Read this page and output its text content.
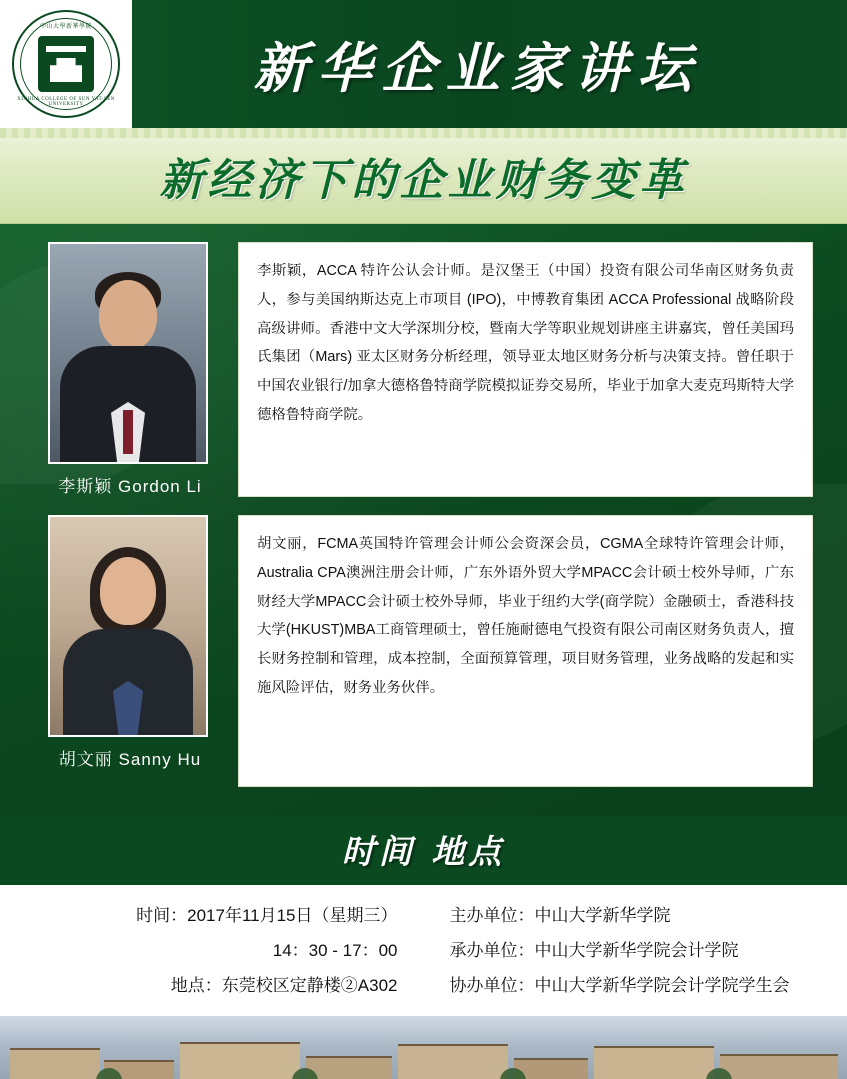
中山大學新華學院
XINHUA COLLEGE OF SUN YAT-SEN UNIVERSITY
新华企业家讲坛
新经济下的企业财务变革
李斯颖 Gordon Li
李斯颖，ACCA 特许公认会计师。是汉堡王（中国）投资有限公司华南区财务负责人，参与美国纳斯达克上市项目 (IPO)，中博教育集团 ACCA Professional 战略阶段高级讲师。香港中文大学深圳分校，暨南大学等职业规划讲座主讲嘉宾，曾任美国玛氏集团（Mars) 亚太区财务分析经理，领导亚太地区财务分析与决策支持。曾任职于中国农业银行/加拿大德格鲁特商学院模拟证券交易所，毕业于加拿大麦克玛斯特大学德格鲁特商学院。
胡文丽 Sanny Hu
胡文丽，FCMA英国特许管理会计师公会资深会员，CGMA全球特许管理会计师，Australia CPA澳洲注册会计师，广东外语外贸大学MPACC会计硕士校外导师，广东财经大学MPACC会计硕士校外导师，毕业于纽约大学(商学院）金融硕士，香港科技大学(HKUST)MBA工商管理硕士，曾任施耐德电气投资有限公司南区财务负责人，擅长财务控制和管理，成本控制，全面预算管理，项目财务管理，业务战略的发起和实施风险评估，财务业务伙伴。
时间 地点
时间：2017年11月15日（星期三）
14：30 - 17：00
地点：东莞校区定静楼②A302
主办单位：中山大学新华学院
承办单位：中山大学新华学院会计学院
协办单位：中山大学新华学院会计学院学生会
